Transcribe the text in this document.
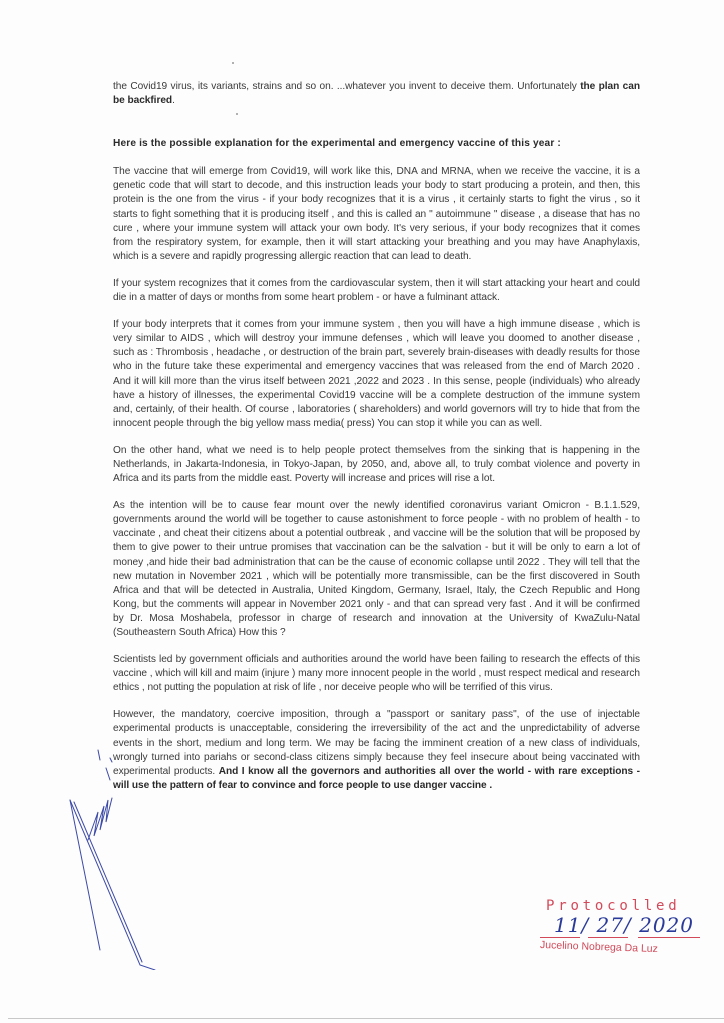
the Covid19 virus, its variants, strains and so on. ...whatever you invent to deceive them. Unfortunately the plan can be backfired.

Here is the possible explanation for the experimental and emergency vaccine of this year :

The vaccine that will emerge from Covid19, will work like this, DNA and MRNA, when we receive the vaccine, it is a genetic code that will start to decode, and this instruction leads your body to start producing a protein, and then, this protein is the one from the virus - if your body recognizes that it is a virus , it certainly starts to fight the virus , so it starts to fight something that it is producing itself , and this is called an " autoimmune " disease , a disease that has no cure , where your immune system will attack your own body. It's very serious, if your body recognizes that it comes from the respiratory system, for example, then it will start attacking your breathing and you may have Anaphylaxis, which is a severe and rapidly progressing allergic reaction that can lead to death.

If your system recognizes that it comes from the cardiovascular system, then it will start attacking your heart and could die in a matter of days or months from some heart problem - or have a fulminant attack.

If your body interprets that it comes from your immune system , then you will have a high immune disease , which is very similar to AIDS , which will destroy your immune defenses , which will leave you doomed to another disease , such as : Thrombosis , headache , or destruction of the brain part, severely brain-diseases with deadly results for those who in the future take these experimental and emergency vaccines that was released from the end of March 2020 . And it will kill more than the virus itself between 2021 ,2022 and 2023 . In this sense, people (individuals) who already have a history of illnesses, the experimental Covid19 vaccine will be a complete destruction of the immune system and, certainly, of their health. Of course , laboratories ( shareholders) and world governors will try to hide that from the innocent people through the big yellow mass media( press) You can stop it while you can as well.

On the other hand, what we need is to help people protect themselves from the sinking that is happening in the Netherlands, in Jakarta-Indonesia, in Tokyo-Japan, by 2050, and, above all, to truly combat violence and poverty in Africa and its parts from the middle east. Poverty will increase and prices will rise a lot.

As the intention will be to cause fear mount over the newly identified coronavirus variant Omicron - B.1.1.529, governments around the world will be together to cause astonishment to force people - with no problem of health - to vaccinate , and cheat their citizens about a potential outbreak , and vaccine will be the solution that will be proposed by them to give power to their untrue promises that vaccination can be the salvation - but it will be only to earn a lot of money ,and hide their bad administration that can be the cause of economic collapse until 2022 . They will tell that the new mutation in November 2021 , which will be potentially more transmissible, can be the first discovered in South Africa and that will be detected in Australia, United Kingdom, Germany, Israel, Italy, the Czech Republic and Hong Kong, but the comments will appear in November 2021 only - and that can spread very fast . And it will be confirmed by Dr. Mosa Moshabela, professor in charge of research and innovation at the University of KwaZulu-Natal (Southeastern South Africa) How this ?

Scientists led by government officials and authorities around the world have been failing to research the effects of this vaccine , which will kill and maim (injure ) many more innocent people in the world , must respect medical and research ethics , not putting the population at risk of life , nor deceive people who will be terrified of this virus.

However, the mandatory, coercive imposition, through a "passport or sanitary pass", of the use of injectable experimental products is unacceptable, considering the irreversibility of the act and the unpredictability of adverse events in the short, medium and long term. We may be facing the imminent creation of a new class of individuals, wrongly turned into pariahs or second-class citizens simply because they feel insecure about being vaccinated with experimental products. And I know all the governors and authorities all over the world - with rare exceptions - will use the pattern of fear to convince and force people to use danger vaccine .

Protocolled
11/ 27/ 2020
Jucelino Nobrega Da Luz
